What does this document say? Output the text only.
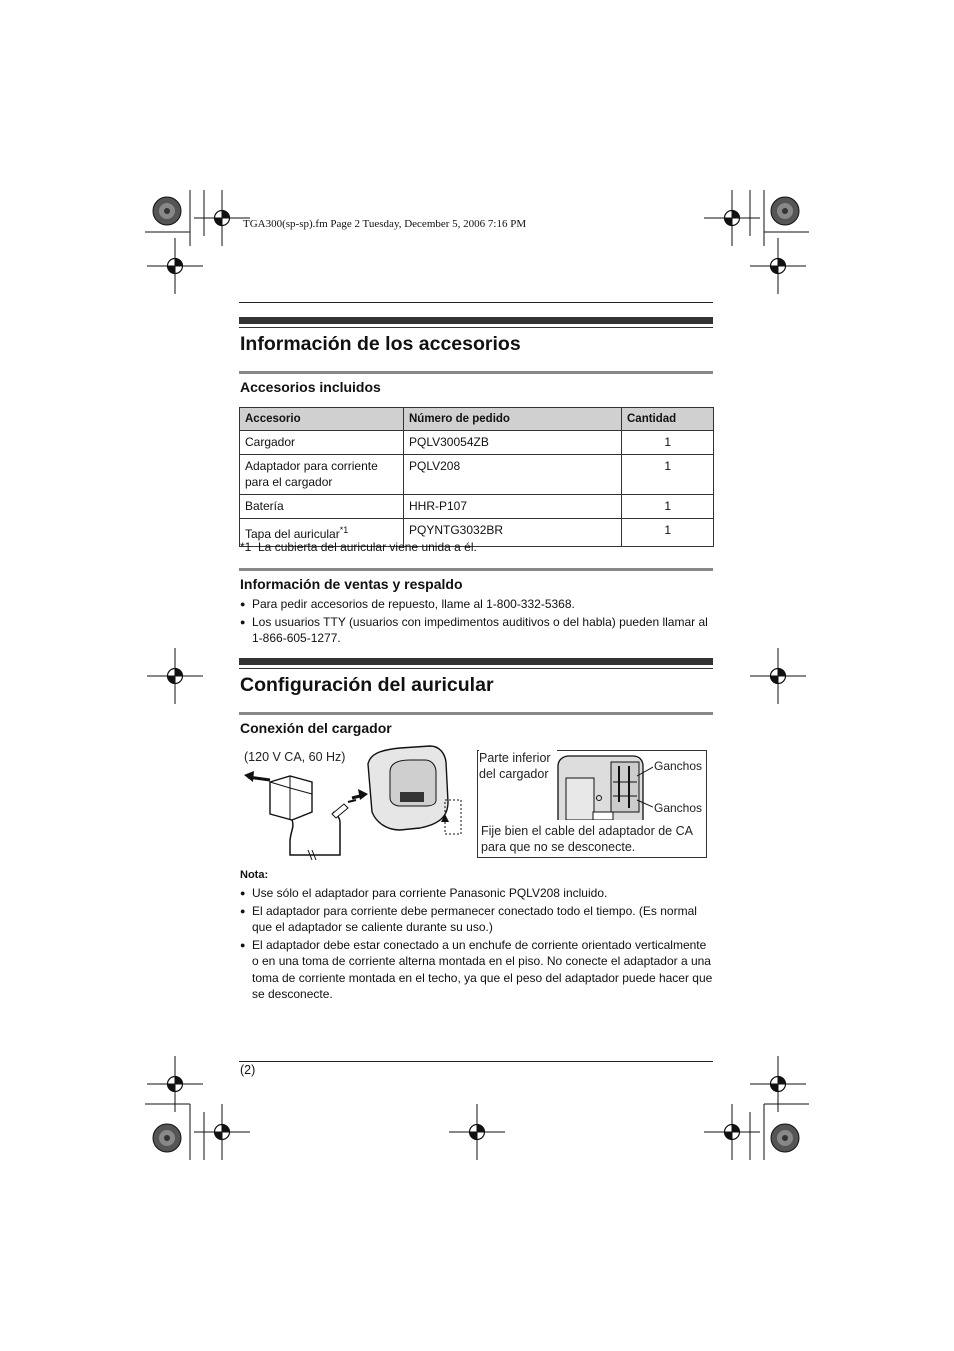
TGA300(sp-sp).fm Page 2 Tuesday, December 5, 2006 7:16 PM
Información de los accesorios
Accesorios incluidos
Accesorio	Número de pedido	Cantidad
Cargador	PQLV30054ZB	1
Adaptador para corriente para el cargador	PQLV208	1
Batería	HHR-P107	1
Tapa del auricular$^{*1}$	PQYNTG3032BR	1
*1  La cubierta del auricular viene unida a él.
Información de ventas y respaldo
● Para pedir accesorios de repuesto, llame al 1-800-332-5368.
● Los usuarios TTY (usuarios con impedimentos auditivos o del habla) pueden llamar al 1-866-605-1277.
Configuración del auricular
Conexión del cargador
(120 V CA, 60 Hz)	Parte inferior del cargador
Ganchos
Ganchos
Fije bien el cable del adaptador de CA para que no se desconecte.
Nota:
● Use sólo el adaptador para corriente Panasonic PQLV208 incluido.
● El adaptador para corriente debe permanecer conectado todo el tiempo. (Es normal que el adaptador se caliente durante su uso.)
● El adaptador debe estar conectado a un enchufe de corriente orientado verticalmente o en una toma de corriente alterna montada en el piso. No conecte el adaptador a una toma de corriente montada en el techo, ya que el peso del adaptador puede hacer que se desconecte.
(2)
